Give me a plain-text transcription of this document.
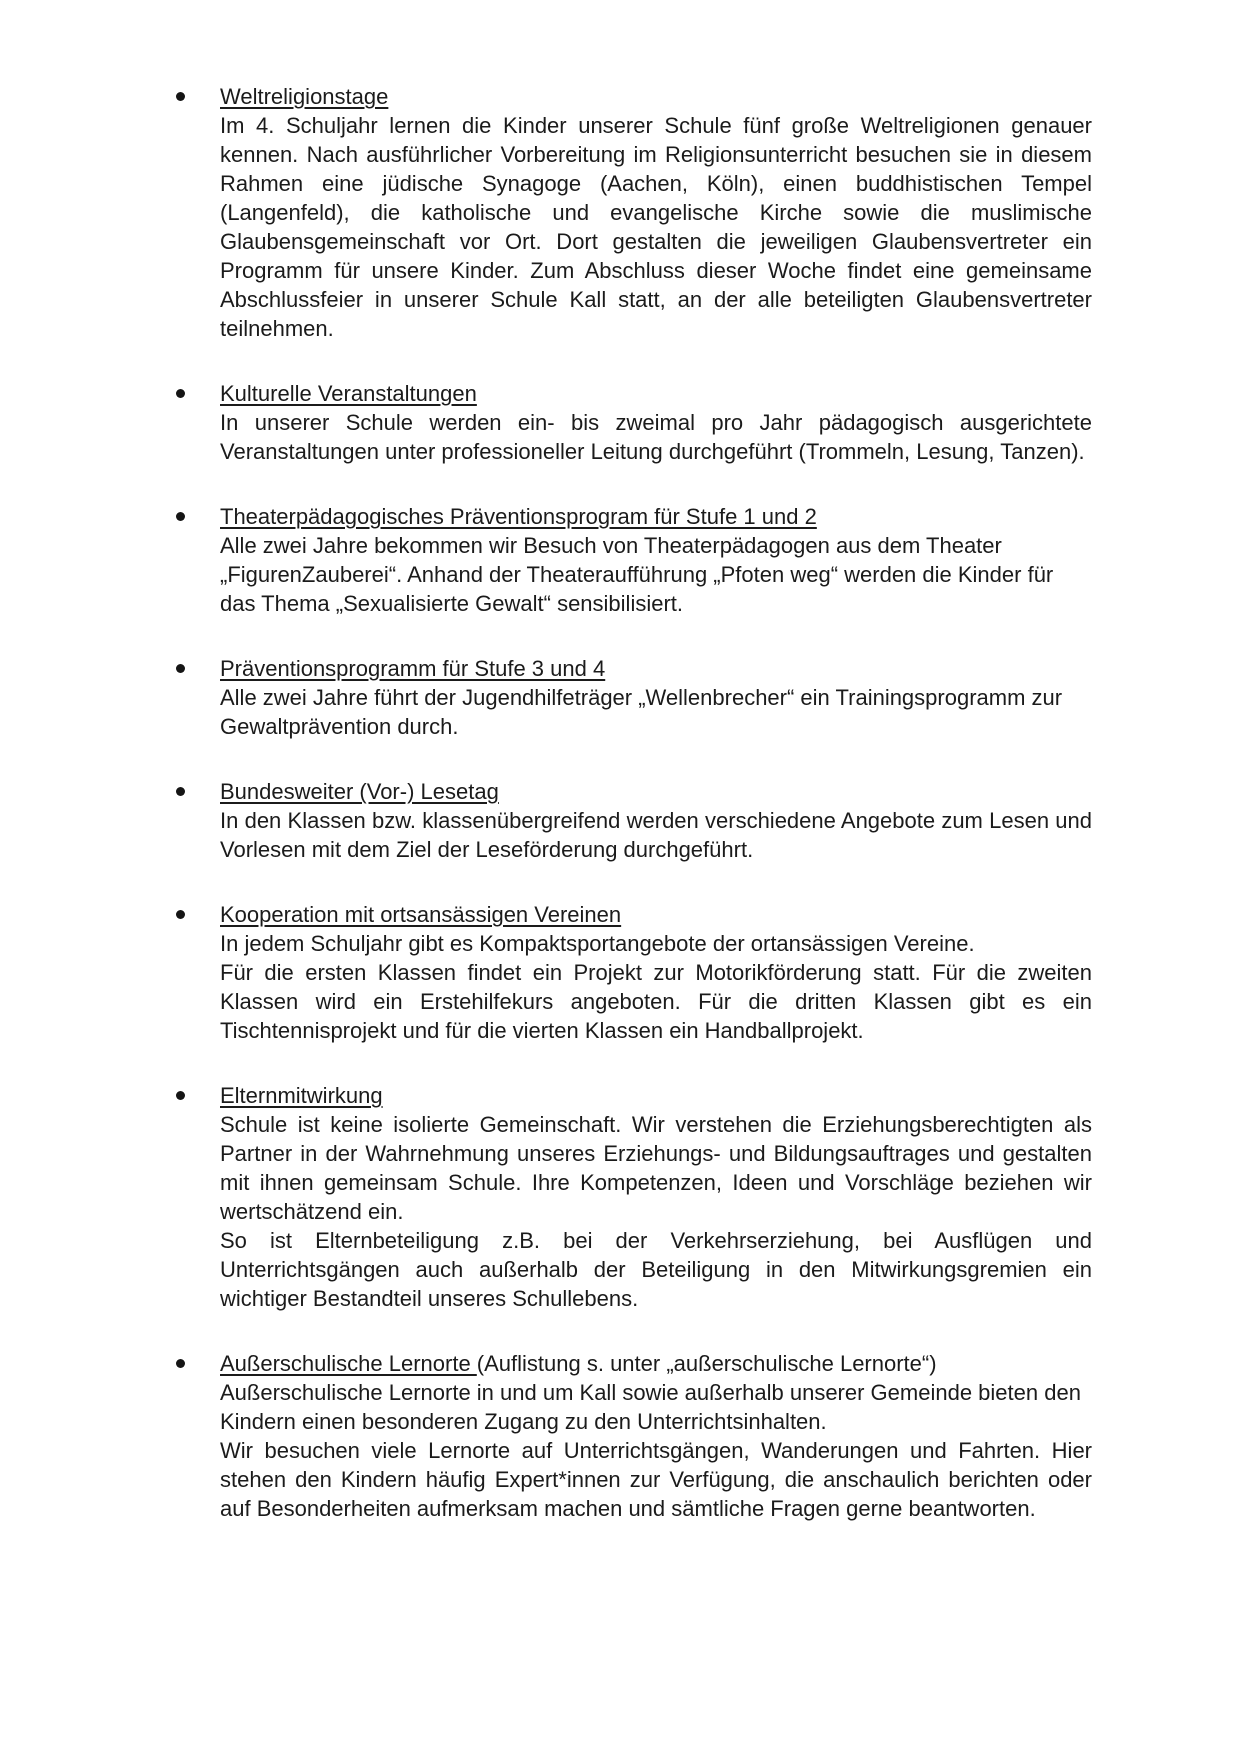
Weltreligionstage

Im 4. Schuljahr lernen die Kinder unserer Schule fünf große Weltreligionen genauer kennen. Nach ausführlicher Vorbereitung im Religionsunterricht besuchen sie in diesem Rahmen eine jüdische Synagoge (Aachen, Köln), einen buddhistischen Tempel (Langenfeld), die katholische und evangelische Kirche sowie die muslimische Glaubensgemeinschaft vor Ort. Dort gestalten die jeweiligen Glaubensvertreter ein Programm für unsere Kinder. Zum Abschluss dieser Woche findet eine gemeinsame Abschlussfeier in unserer Schule Kall statt, an der alle beteiligten Glaubensvertreter teilnehmen.

Kulturelle Veranstaltungen

In unserer Schule werden ein- bis zweimal pro Jahr pädagogisch ausgerichtete Veranstaltungen unter professioneller Leitung durchgeführt (Trommeln, Lesung, Tanzen).

Theaterpädagogisches Präventionsprogram für Stufe 1 und 2

Alle zwei Jahre bekommen wir Besuch von Theaterpädagogen aus dem Theater „FigurenZauberei“. Anhand der Theateraufführung „Pfoten weg“ werden die Kinder für das Thema „Sexualisierte Gewalt“ sensibilisiert.

Präventionsprogramm für Stufe 3 und 4

Alle zwei Jahre führt der Jugendhilfeträger „Wellenbrecher“ ein Trainingsprogramm zur Gewaltprävention durch.

Bundesweiter (Vor-) Lesetag

In den Klassen bzw. klassenübergreifend werden verschiedene Angebote zum Lesen und Vorlesen mit dem Ziel der Leseförderung durchgeführt.

Kooperation mit ortsansässigen Vereinen

In jedem Schuljahr gibt es Kompaktsportangebote der ortansässigen Vereine.

Für die ersten Klassen findet ein Projekt zur Motorikförderung statt. Für die zweiten Klassen wird ein Erstehilfekurs angeboten. Für die dritten Klassen gibt es ein Tischtennisprojekt und für die vierten Klassen ein Handballprojekt.

Elternmitwirkung

Schule ist keine isolierte Gemeinschaft. Wir verstehen die Erziehungsberechtigten als Partner in der Wahrnehmung unseres Erziehungs- und Bildungsauftrages und gestalten mit ihnen gemeinsam Schule. Ihre Kompetenzen, Ideen und Vorschläge beziehen wir wertschätzend ein.

So ist Elternbeteiligung z.B. bei der Verkehrserziehung, bei Ausflügen und Unterrichtsgängen auch außerhalb der Beteiligung in den Mitwirkungsgremien ein wichtiger Bestandteil unseres Schullebens.

Außerschulische Lernorte (Auflistung s. unter „außerschulische Lernorte“)

Außerschulische Lernorte in und um Kall sowie außerhalb unserer Gemeinde bieten den Kindern einen besonderen Zugang zu den Unterrichtsinhalten.

Wir besuchen viele Lernorte auf Unterrichtsgängen, Wanderungen und Fahrten. Hier stehen den Kindern häufig Expert*innen zur Verfügung, die anschaulich berichten oder auf Besonderheiten aufmerksam machen und sämtliche Fragen gerne beantworten.
